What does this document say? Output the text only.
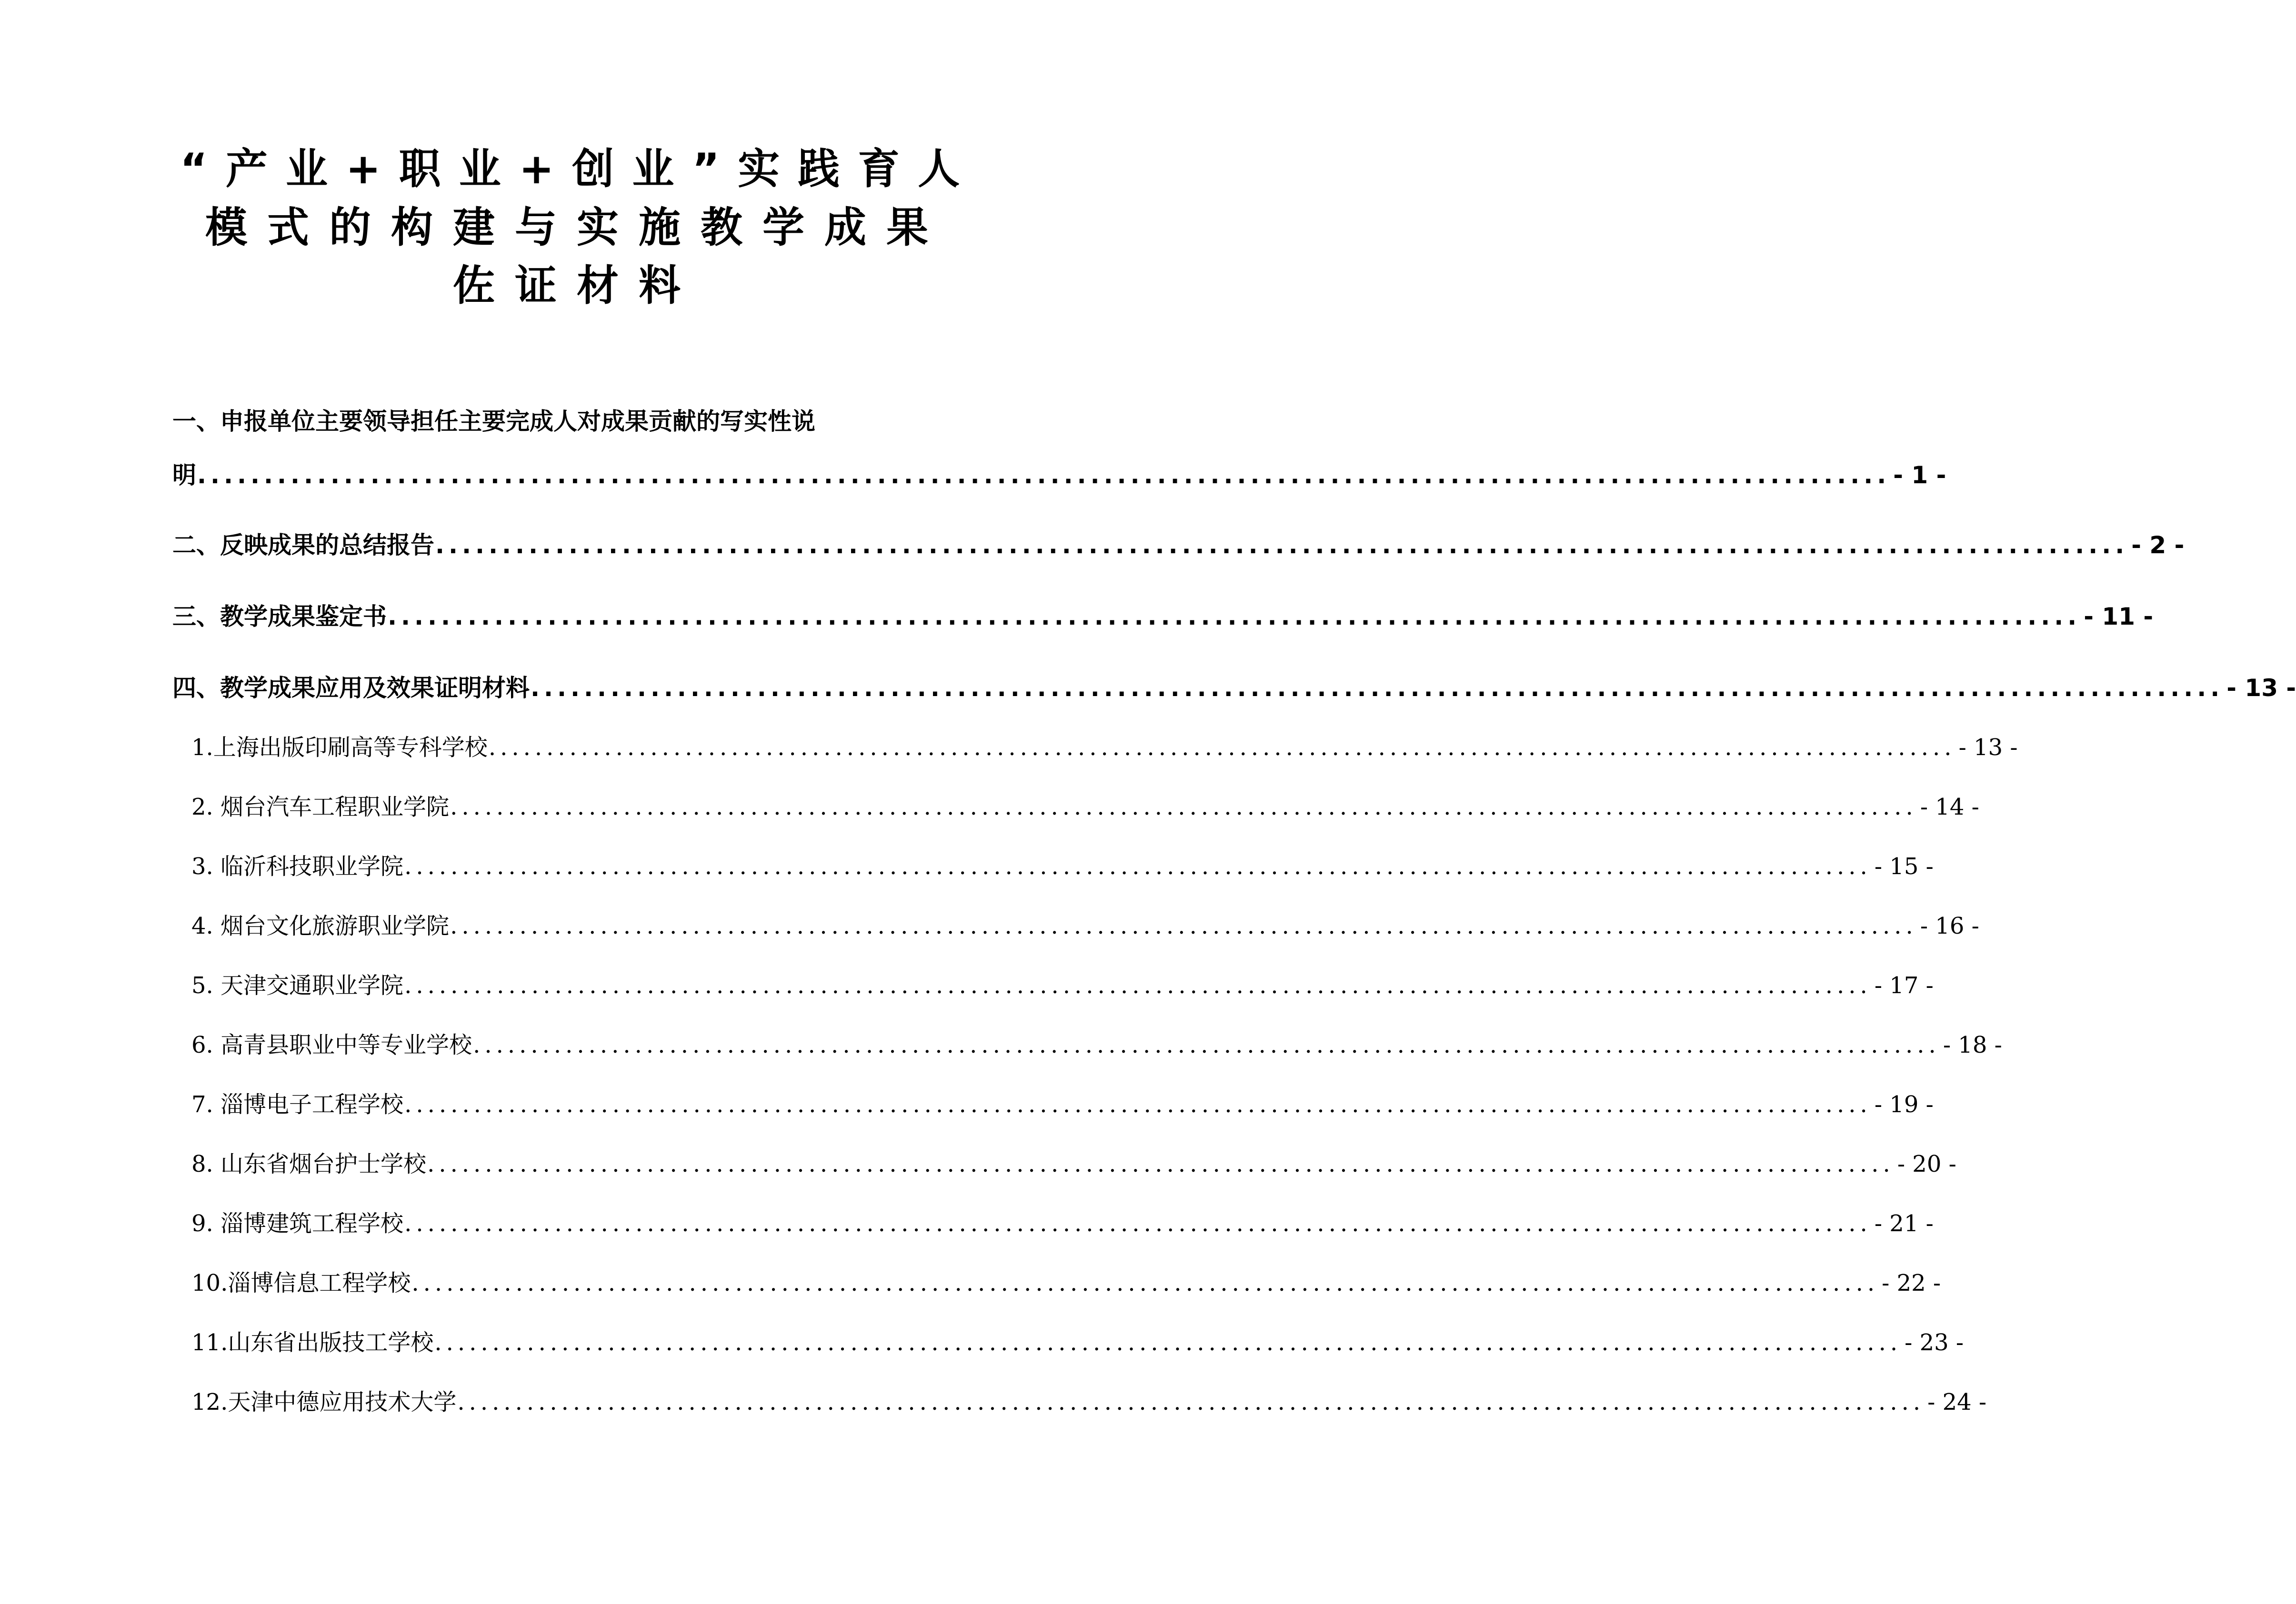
“产业+职业+创业”实践育人
模式的构建与实施教学成果
佐证材料
一、申报单位主要领导担任主要完成人对成果贡献的写实性说
明 ............................................................................................................................... - 1 -
二、反映成果的总结报告 ............................................................................................................................... - 2 -
三、教学成果鉴定书 ............................................................................................................................... - 11 -
四、教学成果应用及效果证明材料 ............................................................................................................................... - 13 -
1.上海出版印刷高等专科学校 ............................................................................................................................... - 13 -
2. 烟台汽车工程职业学院 ............................................................................................................................... - 14 -
3. 临沂科技职业学院 ............................................................................................................................... - 15 -
4. 烟台文化旅游职业学院 ............................................................................................................................... - 16 -
5. 天津交通职业学院 ............................................................................................................................... - 17 -
6. 高青县职业中等专业学校 ............................................................................................................................... - 18 -
7. 淄博电子工程学校 ............................................................................................................................... - 19 -
8. 山东省烟台护士学校 ............................................................................................................................... - 20 -
9. 淄博建筑工程学校 ............................................................................................................................... - 21 -
10.淄博信息工程学校 ............................................................................................................................... - 22 -
11.山东省出版技工学校 ............................................................................................................................... - 23 -
12.天津中德应用技术大学 ............................................................................................................................... - 24 -
